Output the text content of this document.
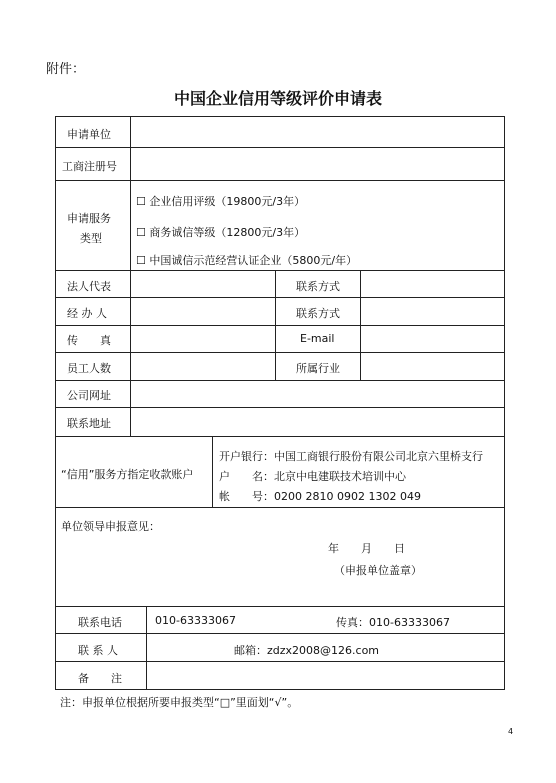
附件：
中国企业信用等级评价申请表
申请单位
工商注册号
申请服务
类型
☐ 企业信用评级（19800元/3年）
☐ 商务诚信等级（12800元/3年）
☐ 中国诚信示范经营认证企业（5800元/年）
法人代表	联系方式
经 办 人	联系方式
传　　真	E-mail
员工人数	所属行业
公司网址
联系地址
“信用”服务方指定收款账户
开户银行：中国工商银行股份有限公司北京六里桥支行
户　　名：北京中电建联技术培训中心
帐　　号：0200 2810 0902 1302 049
单位领导申报意见：
年　　月　　日
（申报单位盖章）
联系电话	010-63333067	传真：010-63333067
联 系 人	邮箱：zdzx2008@126.com
备　　注
注：申报单位根据所要申报类型“□”里面划“√”。
4
